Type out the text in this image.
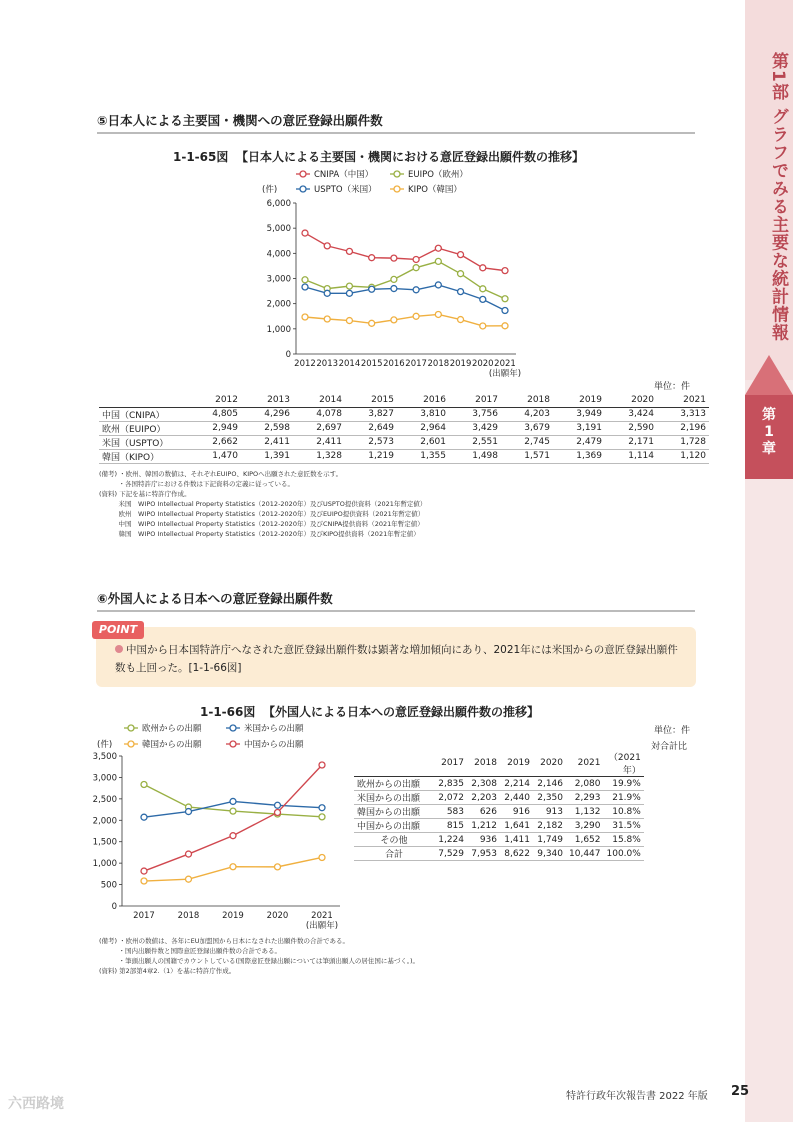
第1部 グラフでみる主要な統計情報
第
1
章
⑤日本人による主要国・機関への意匠登録出願件数
1-1-65図 【日本人による主要国・機関における意匠登録出願件数の推移】
CNIPA（中国）	EUIPO（欧州）
USPTO（米国）	KIPO（韓国）
(件)
0
1,000
2,000
3,000
4,000
5,000
6,000
2012 2013 2014 2015 2016 2017 2018 2019 2020 2021
(出願年)
単位：件
	2012	2013	2014	2015	2016	2017	2018	2019	2020	2021
中国（CNIPA）	4,805	4,296	4,078	3,827	3,810	3,756	4,203	3,949	3,424	3,313
欧州（EUIPO）	2,949	2,598	2,697	2,649	2,964	3,429	3,679	3,191	2,590	2,196
米国（USPTO）	2,662	2,411	2,411	2,573	2,601	2,551	2,745	2,479	2,171	1,728
韓国（KIPO）	1,470	1,391	1,328	1,219	1,355	1,498	1,571	1,369	1,114	1,120
(備考) ・欧州、韓国の数値は、それぞれEUIPO、KIPOへ出願された意匠数を示す。
　　　・各国特許庁における件数は下記資料の定義に従っている。
(資料) 下記を基に特許庁作成。
　　　米国　WIPO Intellectual Property Statistics（2012-2020年）及びUSPTO提供資料（2021年暫定値）
　　　欧州　WIPO Intellectual Property Statistics（2012-2020年）及びEUIPO提供資料（2021年暫定値）
　　　中国　WIPO Intellectual Property Statistics（2012-2020年）及びCNIPA提供資料（2021年暫定値）
　　　韓国　WIPO Intellectual Property Statistics（2012-2020年）及びKIPO提供資料（2021年暫定値）
⑥外国人による日本への意匠登録出願件数
POINT
中国から日本国特許庁へなされた意匠登録出願件数は顕著な増加傾向にあり、2021年には米国からの意匠登録出願件数も上回った。[1-1-66図]
1-1-66図 【外国人による日本への意匠登録出願件数の推移】
欧州からの出願	米国からの出願
韓国からの出願	中国からの出願
(件)
0
500
1,000
1,500
2,000
2,500
3,000
3,500
2017	2018	2019	2020	2021
(出願年)
単位：件
対合計比
	2017	2018	2019	2020	2021	（2021年）
欧州からの出願	2,835	2,308	2,214	2,146	2,080	19.9%
米国からの出願	2,072	2,203	2,440	2,350	2,293	21.9%
韓国からの出願	583	626	916	913	1,132	10.8%
中国からの出願	815	1,212	1,641	2,182	3,290	31.5%
その他	1,224	936	1,411	1,749	1,652	15.8%
合計	7,529	7,953	8,622	9,340	10,447	100.0%
(備考) ・欧州の数値は、各年にEU加盟国から日本になされた出願件数の合計である。
　　　・国内出願件数と国際意匠登録出願件数の合計である。
　　　・筆頭出願人の国籍でカウントしている(国際意匠登録出願については筆頭出願人の居住国に基づく。)。
(資料) 第2部第4章2.（1）を基に特許庁作成。
特許行政年次報告書 2022 年版 25
六西路境
